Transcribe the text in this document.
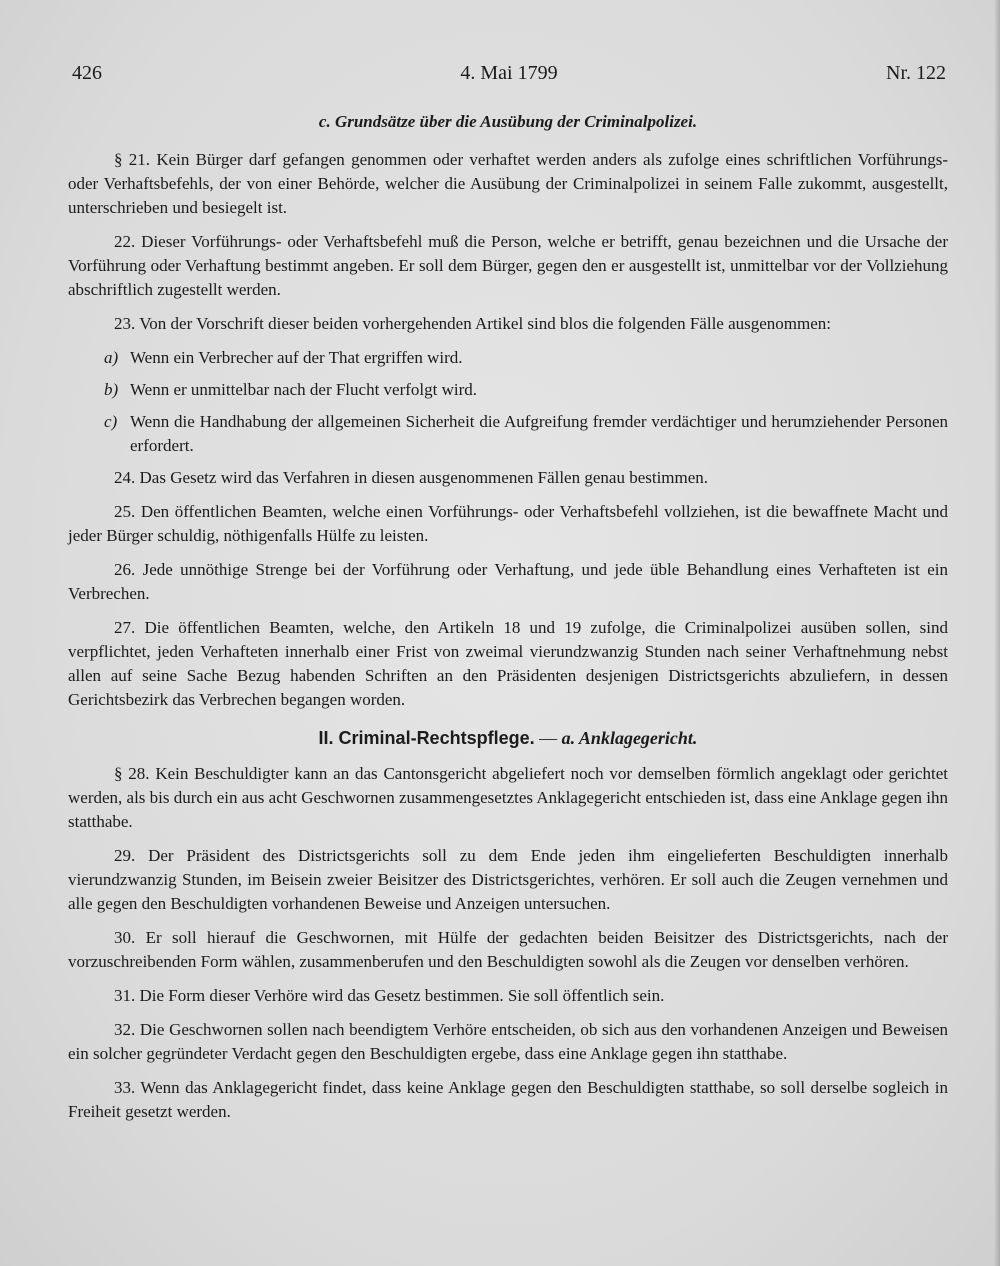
426	4. Mai 1799	Nr. 122
c. Grundsätze über die Ausübung der Criminalpolizei.

§ 21. Kein Bürger darf gefangen genommen oder verhaftet werden anders als zufolge eines schriftlichen Vorführungs- oder Verhaftsbefehls, der von einer Behörde, welcher die Ausübung der Criminalpolizei in seinem Falle zukommt, ausgestellt, unterschrieben und besiegelt ist.

22. Dieser Vorführungs- oder Verhaftsbefehl muß die Person, welche er betrifft, genau bezeichnen und die Ursache der Vorführung oder Verhaftung bestimmt angeben. Er soll dem Bürger, gegen den er ausgestellt ist, unmittelbar vor der Vollziehung abschriftlich zugestellt werden.

23. Von der Vorschrift dieser beiden vorhergehenden Artikel sind blos die folgenden Fälle ausgenommen:

a) Wenn ein Verbrecher auf der That ergriffen wird.
b) Wenn er unmittelbar nach der Flucht verfolgt wird.
c) Wenn die Handhabung der allgemeinen Sicherheit die Aufgreifung fremder verdächtiger und herumziehender Personen erfordert.

24. Das Gesetz wird das Verfahren in diesen ausgenommenen Fällen genau bestimmen.

25. Den öffentlichen Beamten, welche einen Vorführungs- oder Verhaftsbefehl vollziehen, ist die bewaffnete Macht und jeder Bürger schuldig, nöthigenfalls Hülfe zu leisten.

26. Jede unnöthige Strenge bei der Vorführung oder Verhaftung, und jede üble Behandlung eines Verhafteten ist ein Verbrechen.

27. Die öffentlichen Beamten, welche, den Artikeln 18 und 19 zufolge, die Criminalpolizei ausüben sollen, sind verpflichtet, jeden Verhafteten innerhalb einer Frist von zweimal vierundzwanzig Stunden nach seiner Verhaftnehmung nebst allen auf seine Sache Bezug habenden Schriften an den Präsidenten desjenigen Districtsgerichts abzuliefern, in dessen Gerichtsbezirk das Verbrechen begangen worden.

II. Criminal-Rechtspflege. — a. Anklagegericht.

§ 28. Kein Beschuldigter kann an das Cantonsgericht abgeliefert noch vor demselben förmlich angeklagt oder gerichtet werden, als bis durch ein aus acht Geschwornen zusammengesetztes Anklagegericht entschieden ist, dass eine Anklage gegen ihn statthabe.

29. Der Präsident des Districtsgerichts soll zu dem Ende jeden ihm eingelieferten Beschuldigten innerhalb vierundzwanzig Stunden, im Beisein zweier Beisitzer des Districtsgerichtes, verhören. Er soll auch die Zeugen vernehmen und alle gegen den Beschuldigten vorhandenen Beweise und Anzeigen untersuchen.

30. Er soll hierauf die Geschwornen, mit Hülfe der gedachten beiden Beisitzer des Districtsgerichts, nach der vorzuschreibenden Form wählen, zusammenberufen und den Beschuldigten sowohl als die Zeugen vor denselben verhören.

31. Die Form dieser Verhöre wird das Gesetz bestimmen. Sie soll öffentlich sein.

32. Die Geschwornen sollen nach beendigtem Verhöre entscheiden, ob sich aus den vorhandenen Anzeigen und Beweisen ein solcher gegründeter Verdacht gegen den Beschuldigten ergebe, dass eine Anklage gegen ihn statthabe.

33. Wenn das Anklagegericht findet, dass keine Anklage gegen den Beschuldigten statthabe, so soll derselbe sogleich in Freiheit gesetzt werden.
